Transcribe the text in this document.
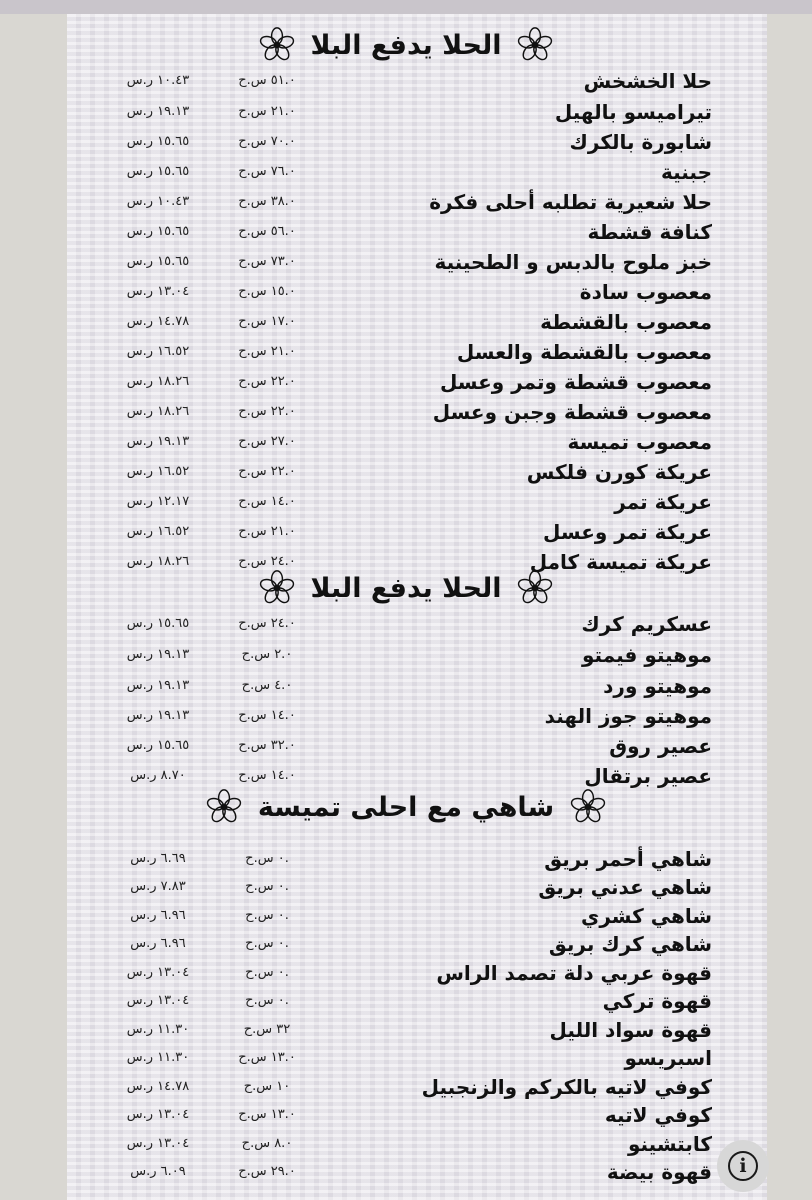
الحلا يدفع البلا
حلا الخشخش
٥١.٠ س.ح
١٠.٤٣ ر.س
تيراميسو بالهيل
٢١.٠ س.ح
١٩.١٣ ر.س
شابورة بالكرك
٧٠.٠ س.ح
١٥.٦٥ ر.س
جبنية
٧٦.٠ س.ح
١٥.٦٥ ر.س
حلا شعيرية تطلبه أحلى فكرة
٣٨.٠ س.ح
١٠.٤٣ ر.س
كنافة قشطة
٥٦.٠ س.ح
١٥.٦٥ ر.س
خبز ملوح بالدبس و الطحينية
٧٣.٠ س.ح
١٥.٦٥ ر.س
معصوب سادة
١٥.٠ س.ح
١٣.٠٤ ر.س
معصوب بالقشطة
١٧.٠ س.ح
١٤.٧٨ ر.س
معصوب بالقشطة والعسل
٢١.٠ س.ح
١٦.٥٢ ر.س
معصوب قشطة وتمر وعسل
٢٢.٠ س.ح
١٨.٢٦ ر.س
معصوب قشطة وجبن وعسل
٢٢.٠ س.ح
١٨.٢٦ ر.س
معصوب تميسة
٢٧.٠ س.ح
١٩.١٣ ر.س
عريكة كورن فلكس
٢٢.٠ س.ح
١٦.٥٢ ر.س
عريكة تمر
١٤.٠ س.ح
١٢.١٧ ر.س
عريكة تمر وعسل
٢١.٠ س.ح
١٦.٥٢ ر.س
عريكة تميسة كامل
٢٤.٠ س.ح
١٨.٢٦ ر.س
الحلا يدفع البلا
عسكريم كرك
٢٤.٠ س.ح
١٥.٦٥ ر.س
موهيتو فيمتو
٢.٠ س.ح
١٩.١٣ ر.س
موهيتو ورد
٤.٠ س.ح
١٩.١٣ ر.س
موهيتو جوز الهند
١٤.٠ س.ح
١٩.١٣ ر.س
عصير روق
٣٢.٠ س.ح
١٥.٦٥ ر.س
عصير برتقال
١٤.٠ س.ح
٨.٧٠ ر.س
شاهي مع احلى تميسة
شاهي أحمر بريق
.٠ س.ح
٦.٦٩ ر.س
شاهي عدني بريق
.٠ س.ح
٧.٨٣ ر.س
شاهي كشري
.٠ س.ح
٦.٩٦ ر.س
شاهي كرك بريق
.٠ س.ح
٦.٩٦ ر.س
قهوة عربي دلة تصمد الراس
.٠ س.ح
١٣.٠٤ ر.س
قهوة تركي
.٠ س.ح
١٣.٠٤ ر.س
قهوة سواد الليل
٣٢ س.ح
١١.٣٠ ر.س
اسبريسو
١٣.٠ س.ح
١١.٣٠ ر.س
كوفي لاتيه بالكركم والزنجبيل
١٠ س.ح
١٤.٧٨ ر.س
كوفي لاتيه
١٣.٠ س.ح
١٣.٠٤ ر.س
كابتشينو
٨.٠ س.ح
١٣.٠٤ ر.س
قهوة بيضة
٢٩.٠ س.ح
٦.٠٩ ر.س	i
